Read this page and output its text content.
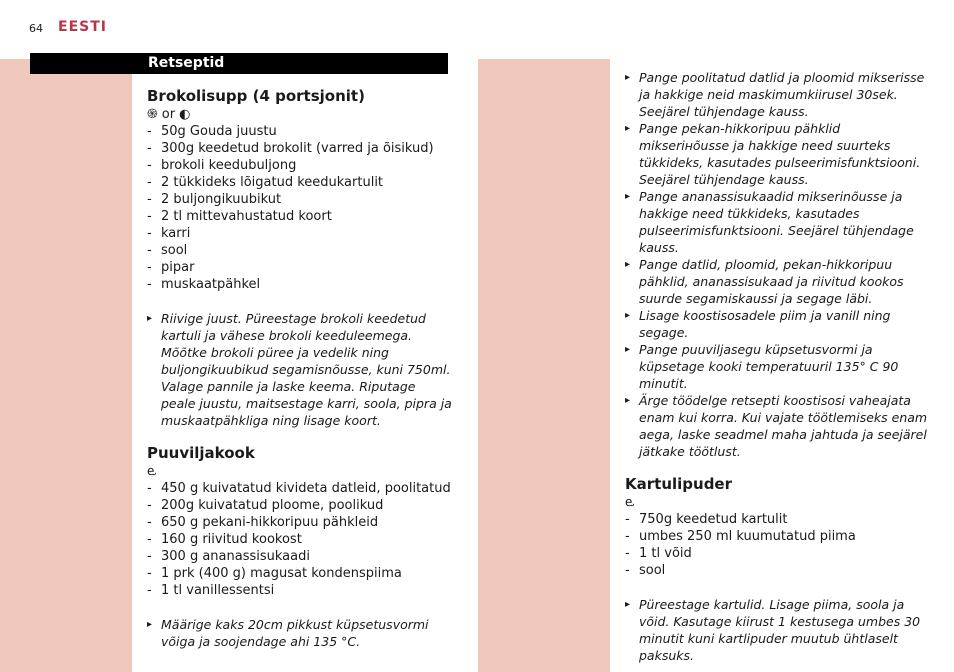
64 EESTI
Retseptid
Brokolisupp (4 portsjonit)
֍ or ◐
- 50g Gouda juustu
- 300g keedetud brokolit (varred ja õisikud)
- brokoli keedubuljong
- 2 tükkideks lõigatud keedukartulit
- 2 buljongikuubikut
- 2 tl mittevahustatud koort
- karri
- sool
- pipar
- muskaatpähkel
▸ Riivige juust. Püreestage brokoli keedetud kartuli ja vähese brokoli keeduleemega. Mõõtke brokoli püree ja vedelik ning buljongikuubikud segamisnõusse, kuni 750ml. Valage pannile ja laske keema. Riputage peale juustu, maitsestage karri, soola, pipra ja muskaatpähkliga ning lisage koort.
Puuviljakook
ⱸ
- 450 g kuivatatud kivideta datleid, poolitatud
- 200g kuivatatud ploome, poolikud
- 650 g pekani-hikkoripuu pähkleid
- 160 g riivitud kookost
- 300 g ananassisukaadi
- 1 prk (400 g) magusat kondenspiima
- 1 tl vanillessentsi
▸ Määrige kaks 20cm pikkust küpsetusvormi võiga ja soojendage ahi 135 °C.
▸ Pange poolitatud datlid ja ploomid mikserisse ja hakkige neid maskimumkiirusel 30sek. Seejärel tühjendage kauss.
▸ Pange pekan-hikkoripuu pähklid mikseriнõusse ja hakkige need suurteks tükkideks, kasutades pulseerimisfunktsiooni. Seejärel tühjendage kauss.
▸ Pange ananassisukaadid mikserinõusse ja hakkige need tükkideks, kasutades pulseerimisfunktsiooni. Seejärel tühjendage kauss.
▸ Pange datlid, ploomid, pekan-hikkoripuu pähklid, ananassisukaad ja riivitud kookos suurde segamiskaussi ja segage läbi.
▸ Lisage koostisosadele piim ja vanill ning segage.
▸ Pange puuviljasegu küpsetusvormi ja küpsetage kooki temperatuuril 135° C 90 minutit.
▸ Ärge töödelge retsepti koostisosi vaheajata enam kui korra. Kui vajate töötlemiseks enam aega, laske seadmel maha jahtuda ja seejärel jätkake töötlust.
Kartulipuder
ⱸ
- 750g keedetud kartulit
- umbes 250 ml kuumutatud piima
- 1 tl võid
- sool
▸ Püreestage kartulid. Lisage piima, soola ja võid. Kasutage kiirust 1 kestusega umbes 30 minutit kuni kartlipuder muutub ühtlaselt paksuks.
